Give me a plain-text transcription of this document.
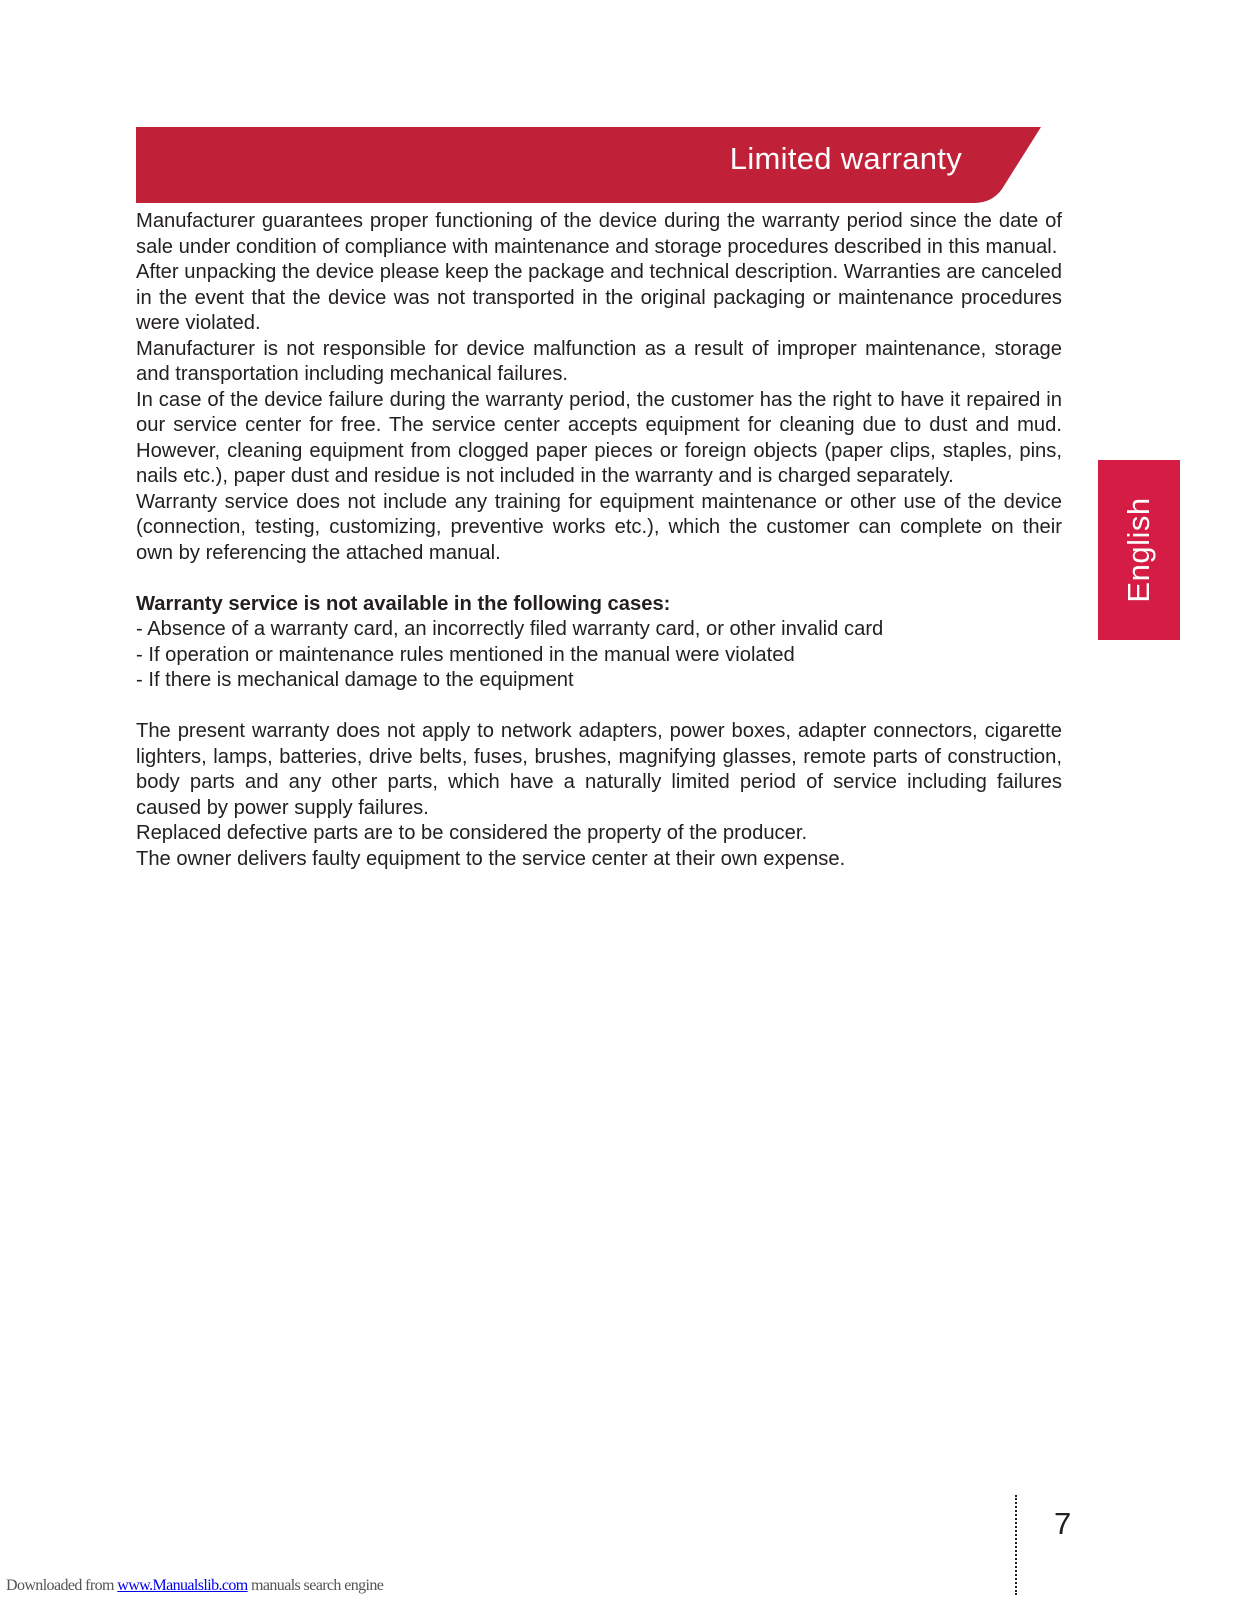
Limited warranty

Manufacturer guarantees proper functioning of the device during the warranty period since the date of sale under condition of compliance with maintenance and storage procedures described in this manual.

After unpacking the device please keep the package and technical description. Warranties are canceled in the event that the device was not transported in the original packaging or maintenance procedures were violated.

Manufacturer is not responsible for device malfunction as a result of improper maintenance, storage and transportation including mechanical failures.

In case of the device failure during the warranty period, the customer has the right to have it repaired in our service center for free. The service center accepts equipment for cleaning due to dust and mud. However, cleaning equipment from clogged paper pieces or foreign objects (paper clips, staples, pins, nails etc.), paper dust and residue is not included in the warranty and is charged separately.

Warranty service does not include any training for equipment maintenance or other use of the device (connection, testing, customizing, preventive works etc.), which the customer can complete on their own by referencing the attached manual.

Warranty service is not available in the following cases:

- Absence of a warranty card, an incorrectly filed warranty card, or other invalid card

- If operation or maintenance rules mentioned in the manual were violated

- If there is mechanical damage to the equipment

The present warranty does not apply to network adapters, power boxes, adapter connectors, cigarette lighters, lamps, batteries, drive belts, fuses, brushes, magnifying glasses, remote parts of construction, body parts and any other parts, which have a naturally limited period of service including failures caused by power supply failures.

Replaced defective parts are to be considered the property of the producer.

The owner delivers faulty equipment to the service center at their own expense.

English
7
Downloaded from www.Manualslib.com manuals search engine
